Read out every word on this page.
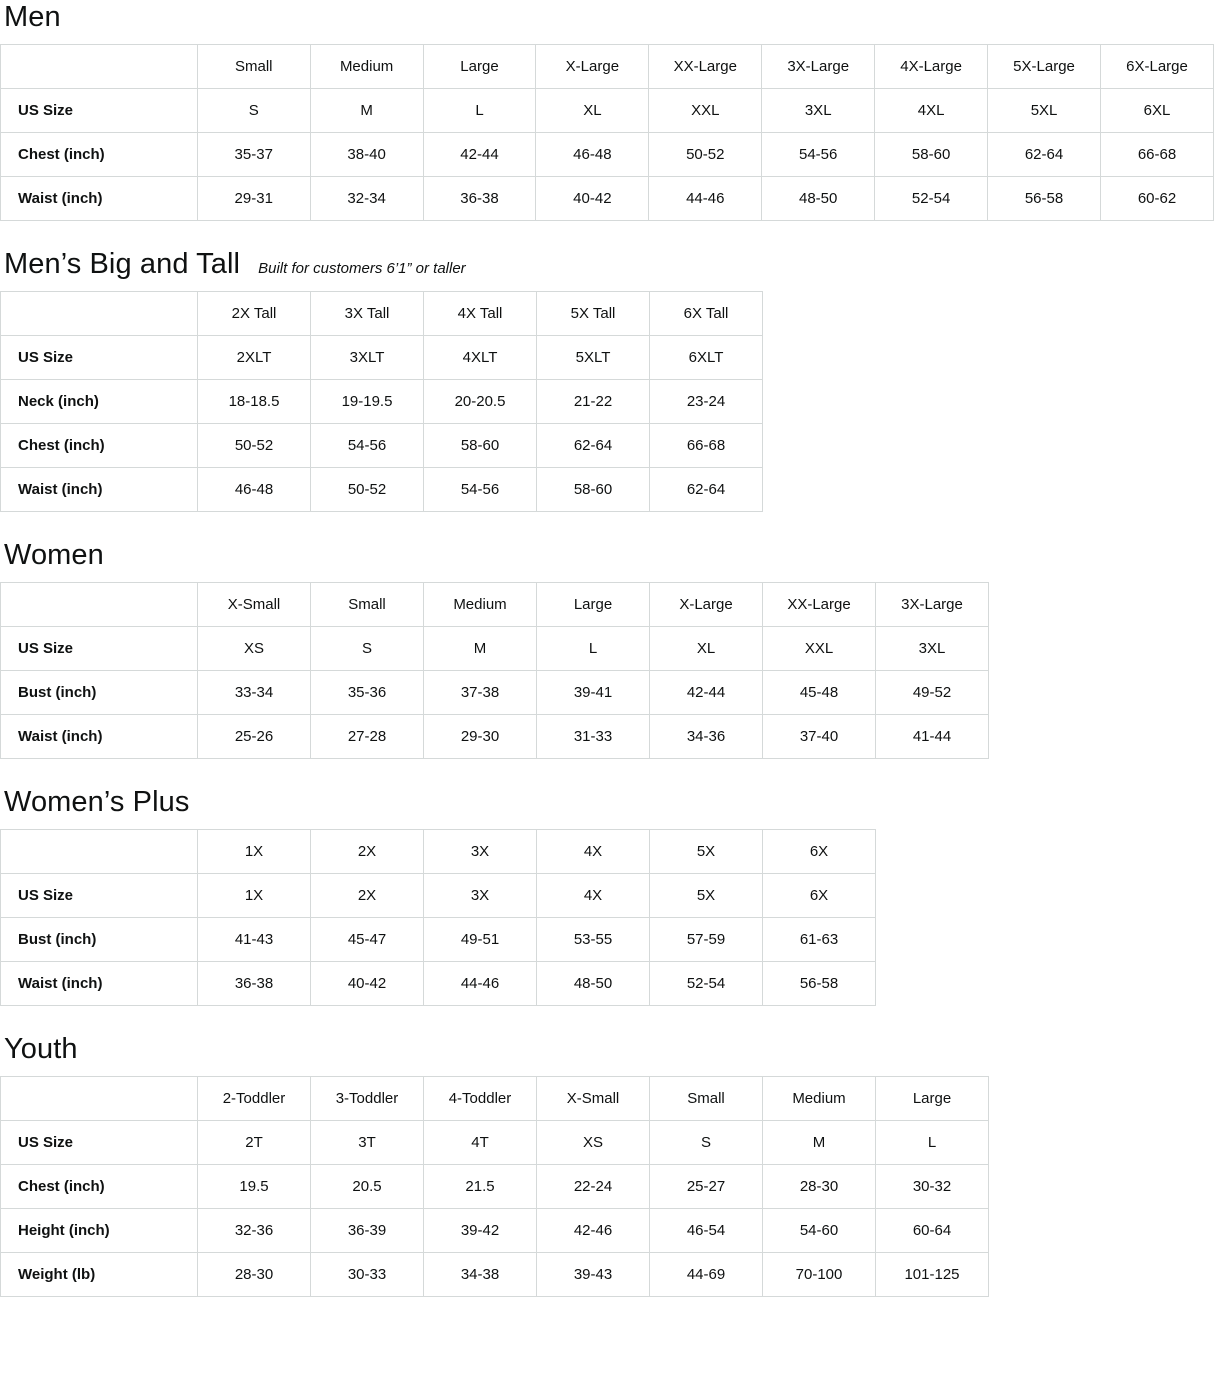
Men
	Small	Medium	Large	X-Large	XX-Large	3X-Large	4X-Large	5X-Large	6X-Large
US Size	S	M	L	XL	XXL	3XL	4XL	5XL	6XL
Chest (inch)	35-37	38-40	42-44	46-48	50-52	54-56	58-60	62-64	66-68
Waist (inch)	29-31	32-34	36-38	40-42	44-46	48-50	52-54	56-58	60-62
Men’s Big and Tall Built for customers 6’1” or taller
	2X Tall	3X Tall	4X Tall	5X Tall	6X Tall
US Size	2XLT	3XLT	4XLT	5XLT	6XLT
Neck (inch)	18-18.5	19-19.5	20-20.5	21-22	23-24
Chest (inch)	50-52	54-56	58-60	62-64	66-68
Waist (inch)	46-48	50-52	54-56	58-60	62-64
Women
	X-Small	Small	Medium	Large	X-Large	XX-Large	3X-Large
US Size	XS	S	M	L	XL	XXL	3XL
Bust (inch)	33-34	35-36	37-38	39-41	42-44	45-48	49-52
Waist (inch)	25-26	27-28	29-30	31-33	34-36	37-40	41-44
Women’s Plus
	1X	2X	3X	4X	5X	6X
US Size	1X	2X	3X	4X	5X	6X
Bust (inch)	41-43	45-47	49-51	53-55	57-59	61-63
Waist (inch)	36-38	40-42	44-46	48-50	52-54	56-58
Youth
	2-Toddler	3-Toddler	4-Toddler	X-Small	Small	Medium	Large
US Size	2T	3T	4T	XS	S	M	L
Chest (inch)	19.5	20.5	21.5	22-24	25-27	28-30	30-32
Height (inch)	32-36	36-39	39-42	42-46	46-54	54-60	60-64
Weight (lb)	28-30	30-33	34-38	39-43	44-69	70-100	101-125
